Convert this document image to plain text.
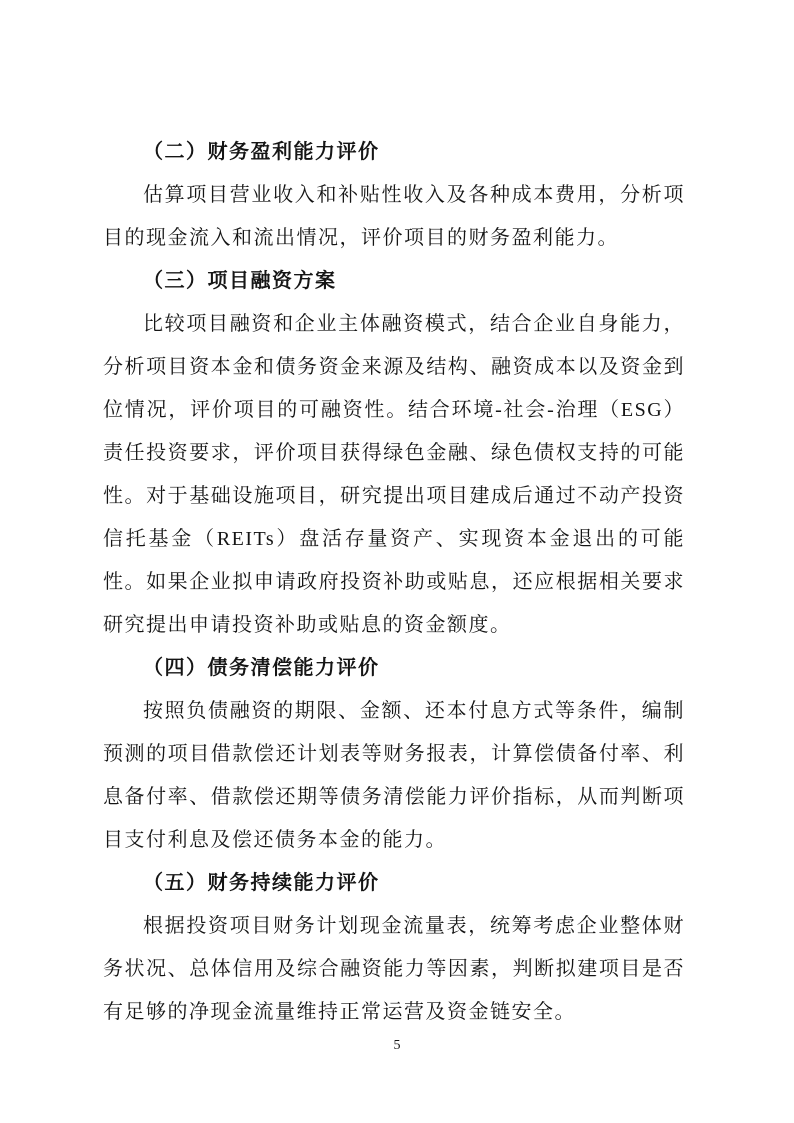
（二）财务盈利能力评价

估算项目营业收入和补贴性收入及各种成本费用，分析项目的现金流入和流出情况，评价项目的财务盈利能力。

（三）项目融资方案

比较项目融资和企业主体融资模式，结合企业自身能力，分析项目资本金和债务资金来源及结构、融资成本以及资金到位情况，评价项目的可融资性。结合环境-社会-治理（ESG）责任投资要求，评价项目获得绿色金融、绿色债权支持的可能性。对于基础设施项目，研究提出项目建成后通过不动产投资信托基金（REITs）盘活存量资产、实现资本金退出的可能性。如果企业拟申请政府投资补助或贴息，还应根据相关要求研究提出申请投资补助或贴息的资金额度。

（四）债务清偿能力评价

按照负债融资的期限、金额、还本付息方式等条件，编制预测的项目借款偿还计划表等财务报表，计算偿债备付率、利息备付率、借款偿还期等债务清偿能力评价指标，从而判断项目支付利息及偿还债务本金的能力。

（五）财务持续能力评价

根据投资项目财务计划现金流量表，统筹考虑企业整体财务状况、总体信用及综合融资能力等因素，判断拟建项目是否有足够的净现金流量维持正常运营及资金链安全。

5
